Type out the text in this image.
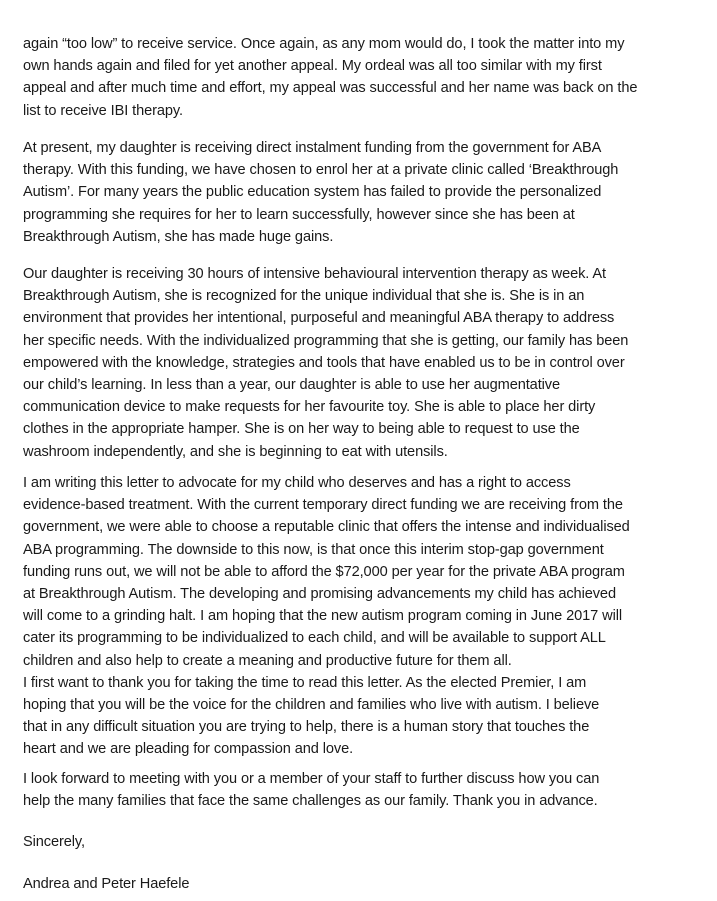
again “too low” to receive service. Once again, as any mom would do, I took the matter into my
own hands again and filed for yet another appeal. My ordeal was all too similar with my first
appeal and after much time and effort, my appeal was successful and her name was back on the
list to receive IBI therapy.
At present, my daughter is receiving direct instalment funding from the government for ABA
therapy. With this funding, we have chosen to enrol her at a private clinic called ‘Breakthrough
Autism’. For many years the public education system has failed to provide the personalized
programming she requires for her to learn successfully, however since she has been at
Breakthrough Autism, she has made huge gains.
Our daughter is receiving 30 hours of intensive behavioural intervention therapy as week. At
Breakthrough Autism, she is recognized for the unique individual that she is. She is in an
environment that provides her intentional, purposeful and meaningful ABA therapy to address
her specific needs. With the individualized programming that she is getting, our family has been
empowered with the knowledge, strategies and tools that have enabled us to be in control over
our child’s learning. In less than a year, our daughter is able to use her augmentative
communication device to make requests for her favourite toy. She is able to place her dirty
clothes in the appropriate hamper. She is on her way to being able to request to use the
washroom independently, and she is beginning to eat with utensils.
I am writing this letter to advocate for my child who deserves and has a right to access
evidence-based treatment. With the current temporary direct funding we are receiving from the
government, we were able to choose a reputable clinic that offers the intense and individualised
ABA programming. The downside to this now, is that once this interim stop-gap government
funding runs out, we will not be able to afford the $72,000 per year for the private ABA program
at Breakthrough Autism. The developing and promising advancements my child has achieved
will come to a grinding halt. I am hoping that the new autism program coming in June 2017 will
cater its programming to be individualized to each child, and will be available to support ALL
children and also help to create a meaning and productive future for them all.
I first want to thank you for taking the time to read this letter. As the elected Premier, I am
hoping that you will be the voice for the children and families who live with autism. I believe
that in any difficult situation you are trying to help, there is a human story that touches the
heart and we are pleading for compassion and love.
I look forward to meeting with you or a member of your staff to further discuss how you can
help the many families that face the same challenges as our family. Thank you in advance.
Sincerely,
Andrea and Peter Haefele
